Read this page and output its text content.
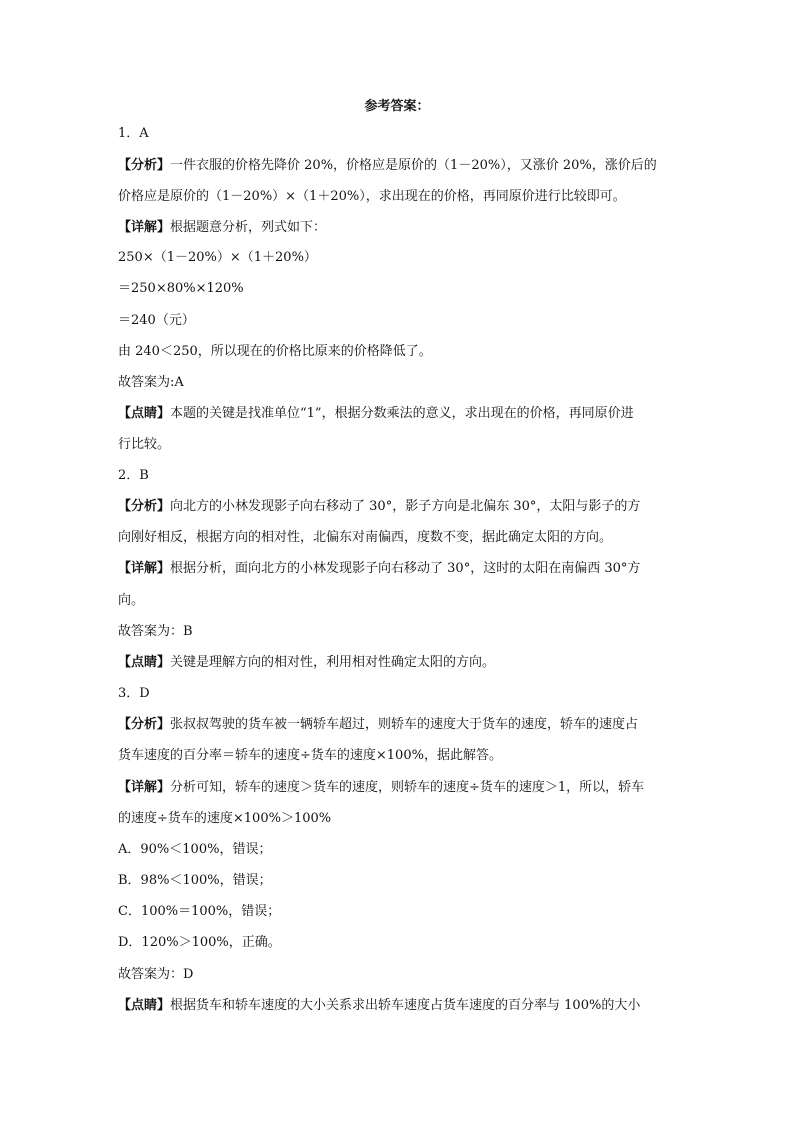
参考答案：
1．A
【分析】一件衣服的价格先降价 20%，价格应是原价的（1－20%），又涨价 20%，涨价后的
价格应是原价的（1－20%）×（1＋20%），求出现在的价格，再同原价进行比较即可。
【详解】根据题意分析，列式如下：
250×（1－20%）×（1＋20%）
＝250×80%×120%
＝240（元）
由 240＜250，所以现在的价格比原来的价格降低了。
故答案为:A
【点睛】本题的关键是找准单位“1”，根据分数乘法的意义，求出现在的价格，再同原价进
行比较。
2．B
【分析】向北方的小林发现影子向右移动了 30°，影子方向是北偏东 30°，太阳与影子的方
向刚好相反，根据方向的相对性，北偏东对南偏西，度数不变，据此确定太阳的方向。
【详解】根据分析，面向北方的小林发现影子向右移动了 30°，这时的太阳在南偏西 30°方
向。
故答案为：B
【点睛】关键是理解方向的相对性，利用相对性确定太阳的方向。
3．D
【分析】张叔叔驾驶的货车被一辆轿车超过，则轿车的速度大于货车的速度，轿车的速度占
货车速度的百分率＝轿车的速度÷货车的速度×100%，据此解答。
【详解】分析可知，轿车的速度＞货车的速度，则轿车的速度÷货车的速度＞1，所以，轿车
的速度÷货车的速度×100%＞100%
A．90%＜100%，错误；
B．98%＜100%，错误；
C．100%＝100%，错误；
D．120%＞100%，正确。
故答案为：D
【点睛】根据货车和轿车速度的大小关系求出轿车速度占货车速度的百分率与 100%的大小
